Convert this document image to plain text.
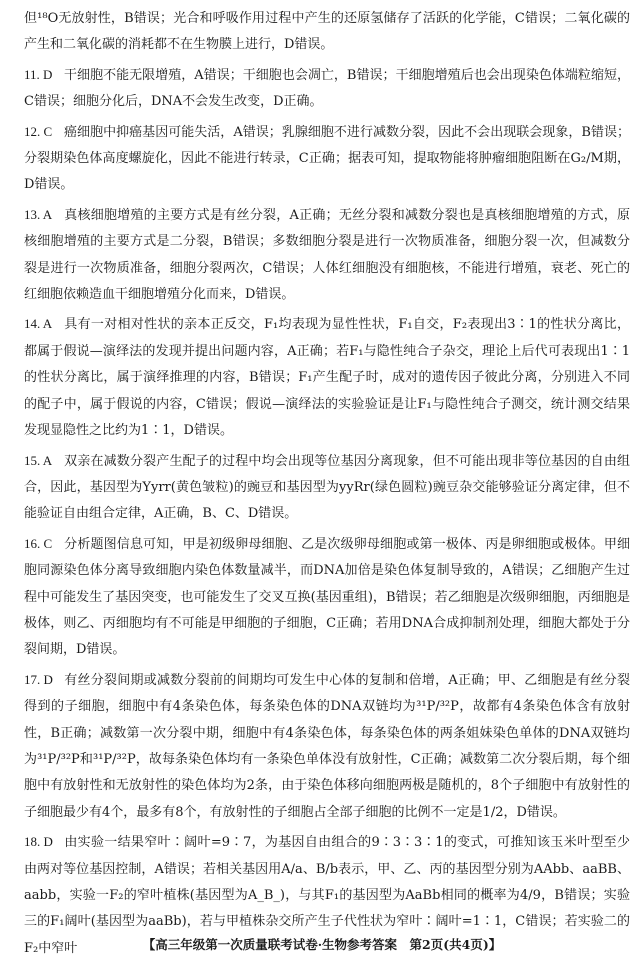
但¹⁸O无放射性，B错误；光合和呼吸作用过程中产生的还原氢储存了活跃的化学能，C错误；二氧化碳的产生和二氧化碳的消耗都不在生物膜上进行，D错误。

11. D 干细胞不能无限增殖，A错误；干细胞也会凋亡，B错误；干细胞增殖后也会出现染色体端粒缩短，C错误；细胞分化后，DNA不会发生改变，D正确。
12. C 癌细胞中抑癌基因可能失活，A错误；乳腺细胞不进行减数分裂，因此不会出现联会现象，B错误；分裂期染色体高度螺旋化，因此不能进行转录，C正确；据表可知，提取物能将肿瘤细胞阻断在G₂/M期，D错误。
13. A 真核细胞增殖的主要方式是有丝分裂，A正确；无丝分裂和减数分裂也是真核细胞增殖的方式，原核细胞增殖的主要方式是二分裂，B错误；多数细胞分裂是进行一次物质准备，细胞分裂一次，但减数分裂是进行一次物质准备，细胞分裂两次，C错误；人体红细胞没有细胞核，不能进行增殖，衰老、死亡的红细胞依赖造血干细胞增殖分化而来，D错误。
14. A 具有一对相对性状的亲本正反交，F₁均表现为显性性状，F₁自交，F₂表现出3∶1的性状分离比，都属于假说—演绎法的发现并提出问题内容，A正确；若F₁与隐性纯合子杂交，理论上后代可表现出1∶1的性状分离比，属于演绎推理的内容，B错误；F₁产生配子时，成对的遗传因子彼此分离，分别进入不同的配子中，属于假说的内容，C错误；假说—演绎法的实验验证是让F₁与隐性纯合子测交，统计测交结果发现显隐性之比约为1∶1，D错误。
15. A 双亲在减数分裂产生配子的过程中均会出现等位基因分离现象，但不可能出现非等位基因的自由组合，因此，基因型为Yyrr(黄色皱粒)的豌豆和基因型为yyRr(绿色圆粒)豌豆杂交能够验证分离定律，但不能验证自由组合定律，A正确，B、C、D错误。
16. C 分析题图信息可知，甲是初级卵母细胞、乙是次级卵母细胞或第一极体、丙是卵细胞或极体。甲细胞同源染色体分离导致细胞内染色体数量减半，而DNA加倍是染色体复制导致的，A错误；乙细胞产生过程中可能发生了基因突变，也可能发生了交叉互换(基因重组)，B错误；若乙细胞是次级卵细胞，丙细胞是极体，则乙、丙细胞均有不可能是甲细胞的子细胞，C正确；若用DNA合成抑制剂处理，细胞大都处于分裂间期，D错误。
17. D 有丝分裂间期或减数分裂前的间期均可发生中心体的复制和倍增，A正确；甲、乙细胞是有丝分裂得到的子细胞，细胞中有4条染色体，每条染色体的DNA双链均为³¹P/³²P，故都有4条染色体含有放射性，B正确；减数第一次分裂中期，细胞中有4条染色体，每条染色体的两条姐妹染色单体的DNA双链均为³¹P/³²P和³¹P/³²P，故每条染色体均有一条染色单体没有放射性，C正确；减数第二次分裂后期，每个细胞中有放射性和无放射性的染色体均为2条，由于染色体移向细胞两极是随机的，8个子细胞中有放射性的子细胞最少有4个，最多有8个，有放射性的子细胞占全部子细胞的比例不一定是1/2，D错误。
18. D 由实验一结果窄叶∶阔叶=9∶7，为基因自由组合的9∶3∶3∶1的变式，可推知该玉米叶型至少由两对等位基因控制，A错误；若相关基因用A/a、B/b表示，甲、乙、丙的基因型分别为AAbb、aaBB、aabb，实验一F₂的窄叶植株(基因型为A_B_)，与其F₁的基因型为AaBb相同的概率为4/9，B错误；实验三的F₁阔叶(基因型为aaBb)，若与甲植株杂交所产生子代性状为窄叶∶阔叶=1∶1，C错误；若实验二的F₂中窄叶	【高三年级第一次质量联考试卷·生物参考答案　第2页(共4页)】
